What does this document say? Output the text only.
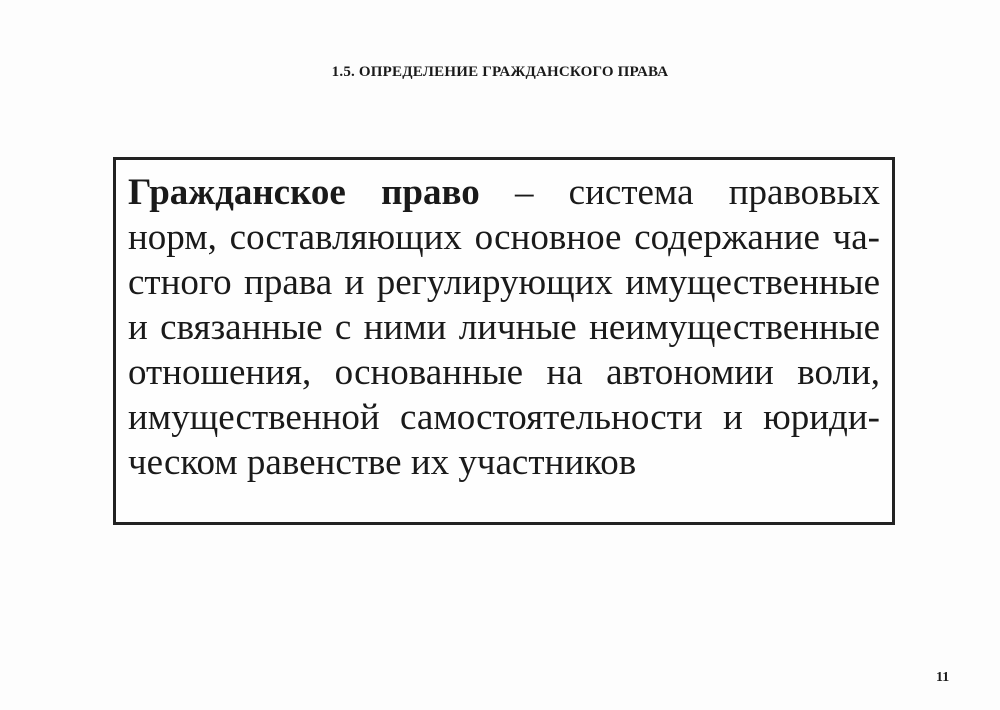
1.5. ОПРЕДЕЛЕНИЕ ГРАЖДАНСКОГО ПРАВА

Гражданское право – система правовых
норм, составляющих основное содержание ча-
стного права и регулирующих имущественные
и связанные с ними личные неимущественные
отношения, основанные на автономии воли,
имущественной самостоятельности и юриди-
ческом равенстве их участников

11
